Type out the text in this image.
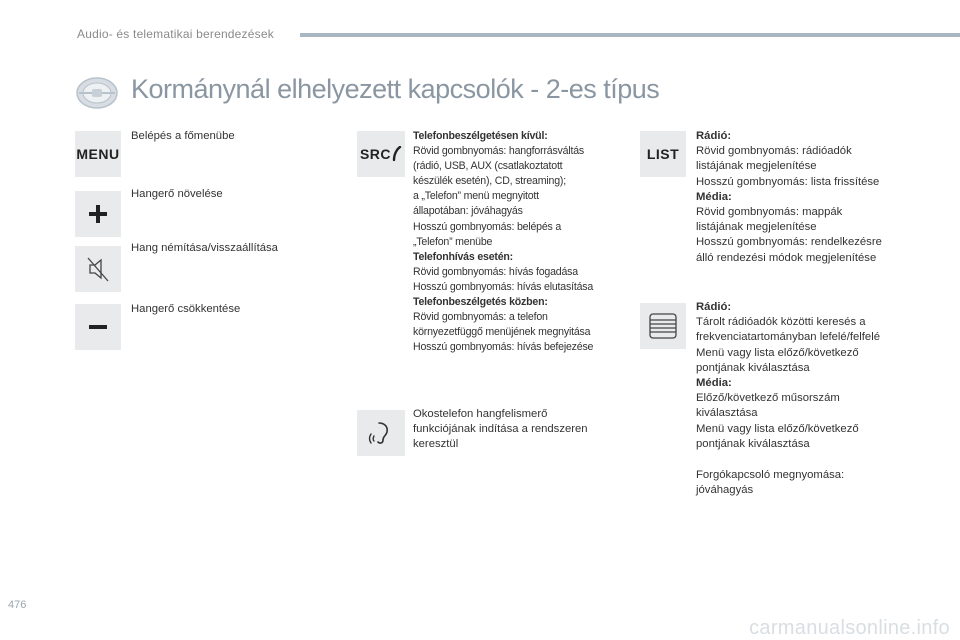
Audio- és telematikai berendezések
Kormánynál elhelyezett kapcsolók - 2-es típus
MENU
Belépés a főmenübe
Hangerő növelése
Hang némítása/visszaállítása
Hangerő csökkentése
SRC
Telefonbeszélgetésen kívül:
Rövid gombnyomás: hangforrásváltás
(rádió, USB, AUX (csatlakoztatott
készülék esetén), CD, streaming);
a „Telefon” menü megnyitott
állapotában: jóváhagyás
Hosszú gombnyomás: belépés a
„Telefon” menübe
Telefonhívás esetén:
Rövid gombnyomás: hívás fogadása
Hosszú gombnyomás: hívás elutasítása
Telefonbeszélgetés közben:
Rövid gombnyomás: a telefon
környezetfüggő menüjének megnyitása
Hosszú gombnyomás: hívás befejezése
Okostelefon hangfelismerő
funkciójának indítása a rendszeren
keresztül
LIST
Rádió:
Rövid gombnyomás: rádióadók
listájának megjelenítése
Hosszú gombnyomás: lista frissítése
Média:
Rövid gombnyomás: mappák
listájának megjelenítése
Hosszú gombnyomás: rendelkezésre
álló rendezési módok megjelenítése
Rádió:
Tárolt rádióadók közötti keresés a
frekvenciatartományban lefelé/felfelé
Menü vagy lista előző/következő
pontjának kiválasztása
Média:
Előző/következő műsorszám
kiválasztása
Menü vagy lista előző/következő
pontjának kiválasztása
Forgókapcsoló megnyomása:
jóváhagyás
476
carmanualsonline.info
